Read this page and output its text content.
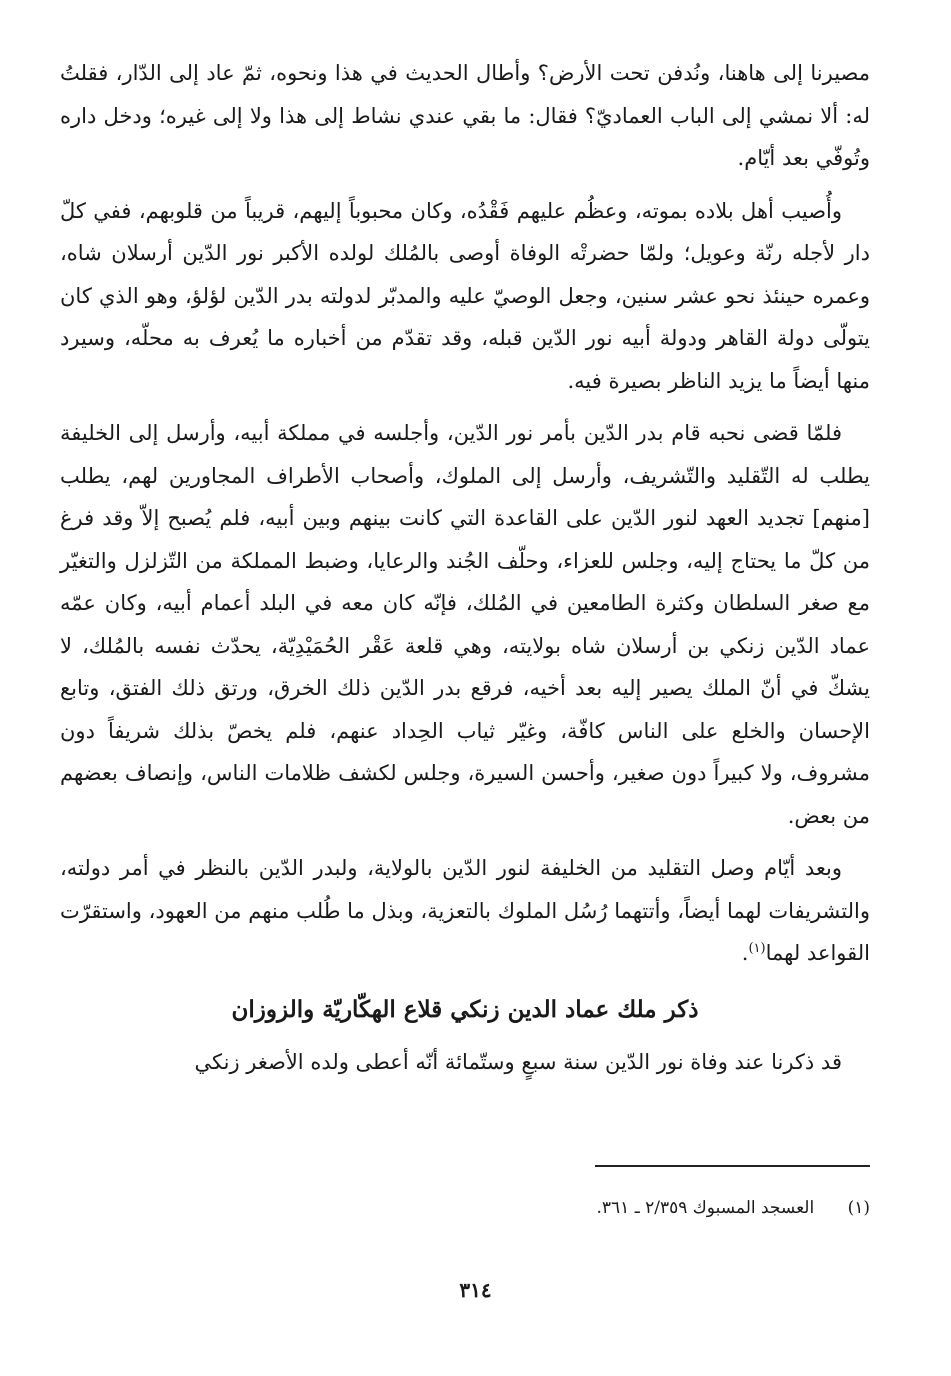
مصيرنا إلى هاهنا، ونُدفن تحت الأرض؟ وأطال الحديث في هذا ونحوه، ثمّ عاد إلى الدّار، فقلتُ له: ألا نمشي إلى الباب العماديّ؟ فقال: ما بقي عندي نشاط إلى هذا ولا إلى غيره؛ ودخل داره وتُوفّي بعد أيّام.

وأُصيب أهل بلاده بموته، وعظُم عليهم فَقْدُه، وكان محبوباً إليهم، قريباً من قلوبهم، ففي كلّ دار لأجله رنّة وعويل؛ ولمّا حضرتْه الوفاة أوصى بالمُلك لولده الأكبر نور الدّين أرسلان شاه، وعمره حينئذ نحو عشر سنين، وجعل الوصيّ عليه والمدبّر لدولته بدر الدّين لؤلؤ، وهو الذي كان يتولّى دولة القاهر ودولة أبيه نور الدّين قبله، وقد تقدّم من أخباره ما يُعرف به محلّه، وسيرد منها أيضاً ما يزيد الناظر بصيرة فيه.

فلمّا قضى نحبه قام بدر الدّين بأمر نور الدّين، وأجلسه في مملكة أبيه، وأرسل إلى الخليفة يطلب له التّقليد والتّشريف، وأرسل إلى الملوك، وأصحاب الأطراف المجاورين لهم، يطلب [منهم] تجديد العهد لنور الدّين على القاعدة التي كانت بينهم وبين أبيه، فلم يُصبح إلاّ وقد فرغ من كلّ ما يحتاج إليه، وجلس للعزاء، وحلّف الجُند والرعايا، وضبط المملكة من التّزلزل والتغيّر مع صغر السلطان وكثرة الطامعين في المُلك، فإنّه كان معه في البلد أعمام أبيه، وكان عمّه عماد الدّين زنكي بن أرسلان شاه بولايته، وهي قلعة عَقْر الحُمَيْدِيّة، يحدّث نفسه بالمُلك، لا يشكّ في أنّ الملك يصير إليه بعد أخيه، فرقع بدر الدّين ذلك الخرق، ورتق ذلك الفتق، وتابع الإحسان والخلع على الناس كافّة، وغيّر ثياب الحِداد عنهم، فلم يخصّ بذلك شريفاً دون مشروف، ولا كبيراً دون صغير، وأحسن السيرة، وجلس لكشف ظلامات الناس، وإنصاف بعضهم من بعض.

وبعد أيّام وصل التقليد من الخليفة لنور الدّين بالولاية، ولبدر الدّين بالنظر في أمر دولته، والتشريفات لهما أيضاً، وأتتهما رُسُل الملوك بالتعزية، وبذل ما طُلب منهم من العهود، واستقرّت القواعد لهما$^{(١)}$.

ذكر ملك عماد الدين زنكي قلاع الهكّاريّة والزوزان

قد ذكرنا عند وفاة نور الدّين سنة سبعٍ وستّمائة أنّه أعطى ولده الأصغر زنكي

(١) العسجد المسبوك ٢/٣٥٩ ـ ٣٦١.
٣١٤
